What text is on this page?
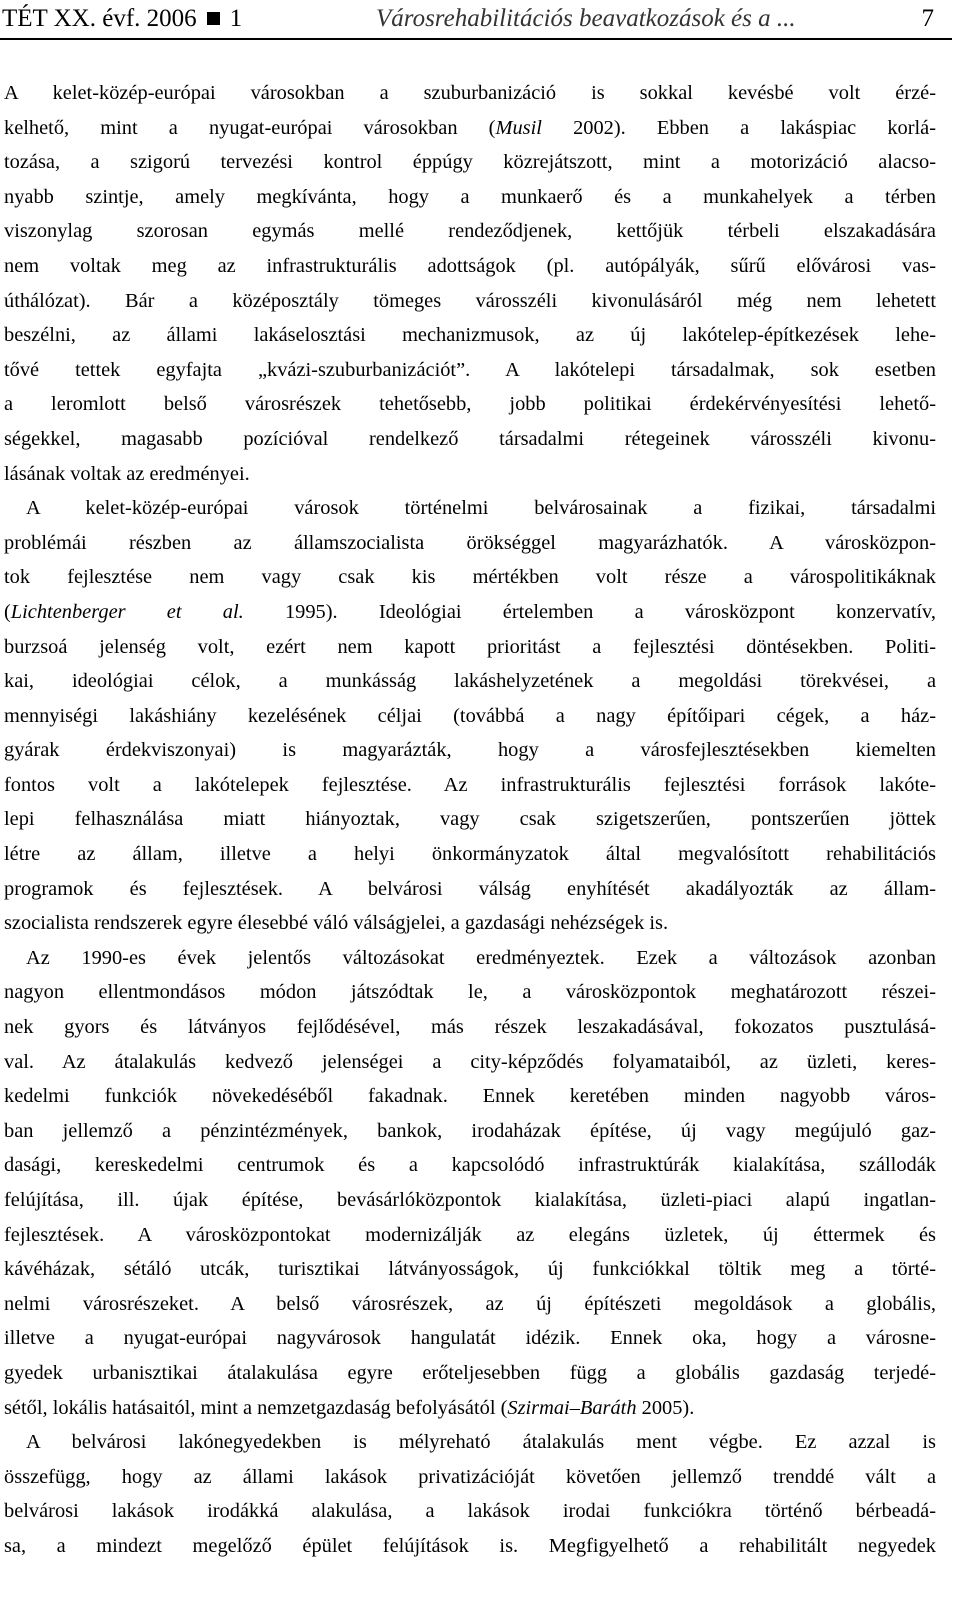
TÉT XX. évf. 2006 1	Városrehabilitációs beavatkozások és a ...	7
A kelet-közép-európai városokban a szuburbanizáció is sokkal kevésbé volt érzé-
kelhető, mint a nyugat-európai városokban (Musil 2002). Ebben a lakáspiac korlá-
tozása, a szigorú tervezési kontrol éppúgy közrejátszott, mint a motorizáció alacso-
nyabb szintje, amely megkívánta, hogy a munkaerő és a munkahelyek a térben
viszonylag szorosan egymás mellé rendeződjenek, kettőjük térbeli elszakadására
nem voltak meg az infrastrukturális adottságok (pl. autópályák, sűrű elővárosi vas-
úthálózat). Bár a középosztály tömeges városszéli kivonulásáról még nem lehetett
beszélni, az állami lakáselosztási mechanizmusok, az új lakótelep-építkezések lehe-
tővé tettek egyfajta „kvázi-szuburbanizációt”. A lakótelepi társadalmak, sok esetben
a leromlott belső városrészek tehetősebb, jobb politikai érdekérvényesítési lehető-
ségekkel, magasabb pozícióval rendelkező társadalmi rétegeinek városszéli kivonu-
lásának voltak az eredményei.
A kelet-közép-európai városok történelmi belvárosainak a fizikai, társadalmi
problémái részben az államszocialista örökséggel magyarázhatók. A városközpon-
tok fejlesztése nem vagy csak kis mértékben volt része a várospolitikáknak
(Lichtenberger et al. 1995). Ideológiai értelemben a városközpont konzervatív,
burzsoá jelenség volt, ezért nem kapott prioritást a fejlesztési döntésekben. Politi-
kai, ideológiai célok, a munkásság lakáshelyzetének a megoldási törekvései, a
mennyiségi lakáshiány kezelésének céljai (továbbá a nagy építőipari cégek, a ház-
gyárak érdekviszonyai) is magyarázták, hogy a városfejlesztésekben kiemelten
fontos volt a lakótelepek fejlesztése. Az infrastrukturális fejlesztési források lakóte-
lepi felhasználása miatt hiányoztak, vagy csak szigetszerűen, pontszerűen jöttek
létre az állam, illetve a helyi önkormányzatok által megvalósított rehabilitációs
programok és fejlesztések. A belvárosi válság enyhítését akadályozták az állam-
szocialista rendszerek egyre élesebbé váló válságjelei, a gazdasági nehézségek is.
Az 1990-es évek jelentős változásokat eredményeztek. Ezek a változások azonban
nagyon ellentmondásos módon játszódtak le, a városközpontok meghatározott részei-
nek gyors és látványos fejlődésével, más részek leszakadásával, fokozatos pusztulásá-
val. Az átalakulás kedvező jelenségei a city-képződés folyamataiból, az üzleti, keres-
kedelmi funkciók növekedéséből fakadnak. Ennek keretében minden nagyobb város-
ban jellemző a pénzintézmények, bankok, irodaházak építése, új vagy megújuló gaz-
dasági, kereskedelmi centrumok és a kapcsolódó infrastruktúrák kialakítása, szállodák
felújítása, ill. újak építése, bevásárlóközpontok kialakítása, üzleti-piaci alapú ingatlan-
fejlesztések. A városközpontokat modernizálják az elegáns üzletek, új éttermek és
kávéházak, sétáló utcák, turisztikai látványosságok, új funkciókkal töltik meg a törté-
nelmi városrészeket. A belső városrészek, az új építészeti megoldások a globális,
illetve a nyugat-európai nagyvárosok hangulatát idézik. Ennek oka, hogy a városne-
gyedek urbanisztikai átalakulása egyre erőteljesebben függ a globális gazdaság terjedé-
sétől, lokális hatásaitól, mint a nemzetgazdaság befolyásától (Szirmai–Baráth 2005).
A belvárosi lakónegyedekben is mélyreható átalakulás ment végbe. Ez azzal is
összefügg, hogy az állami lakások privatizációját követően jellemző trenddé vált a
belvárosi lakások irodákká alakulása, a lakások irodai funkciókra történő bérbeadá-
sa, a mindezt megelőző épület felújítások is. Megfigyelhető a rehabilitált negyedek
